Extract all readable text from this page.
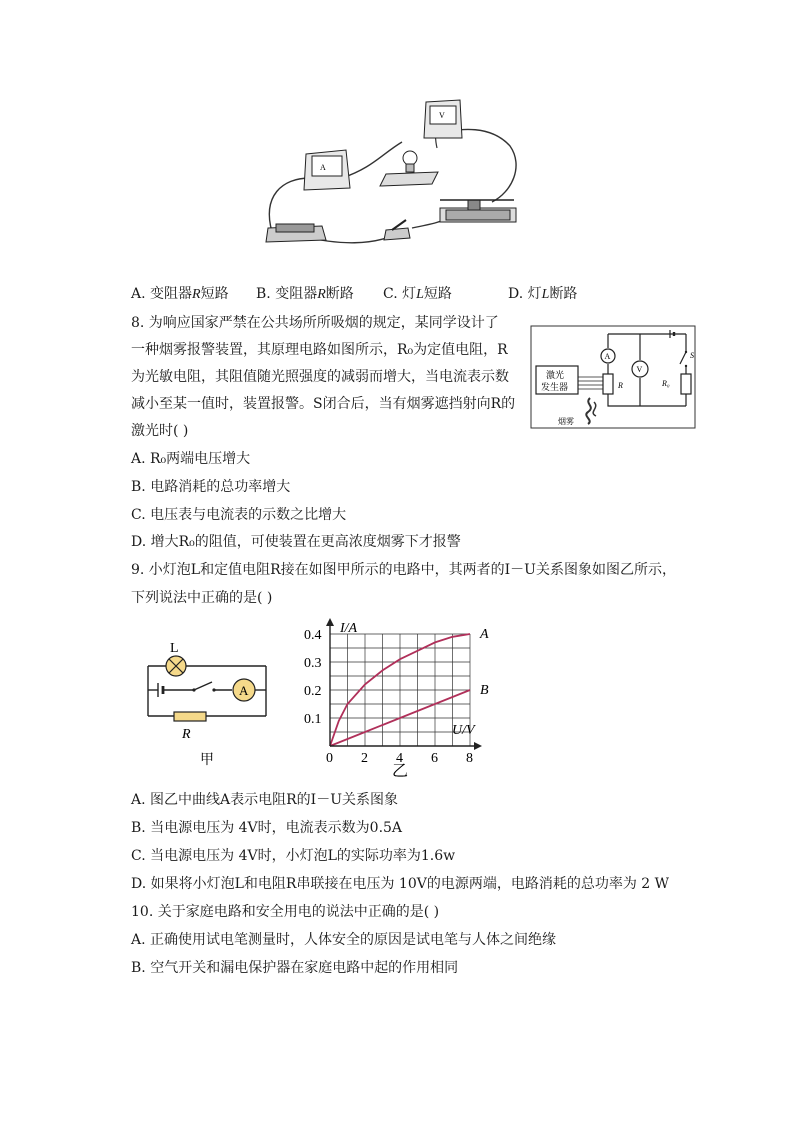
A
V
A. 变阻器R短路 B. 变阻器R断路 C. 灯L短路	D. 灯L断路
8. 为响应国家严禁在公共场所所吸烟的规定，某同学设计了
一种烟雾报警装置，其原理电路如图所示，R₀为定值电阻，R
为光敏电阻，其阻值随光照强度的减弱而增大，当电流表示数
减小至某一值时，装置报警。S闭合后，当有烟雾遮挡射向R的
激光时( )
S
R₀
A
V
R
激光
发生器
烟雾
A. R₀两端电压增大
B. 电路消耗的总功率增大
C. 电压表与电流表的示数之比增大
D. 增大R₀的阻值，可使装置在更高浓度烟雾下才报警
9. 小灯泡L和定值电阻R接在如图甲所示的电路中，其两者的I－U关系图象如图乙所示，
下列说法中正确的是( )
L
A
R
甲
A
B
0 2 4 6 8
0.1
0.2
0.3
0.4 I/A
U/V
乙
A. 图乙中曲线A表示电阻R的I－U关系图象
B. 当电源电压为 4V时，电流表示数为0.5A
C. 当电源电压为 4V时，小灯泡L的实际功率为1.6w
D. 如果将小灯泡L和电阻R串联接在电压为 10V的电源两端，电路消耗的总功率为 2 W
10. 关于家庭电路和安全用电的说法中正确的是( )
A. 正确使用试电笔测量时，人体安全的原因是试电笔与人体之间绝缘
B. 空气开关和漏电保护器在家庭电路中起的作用相同
